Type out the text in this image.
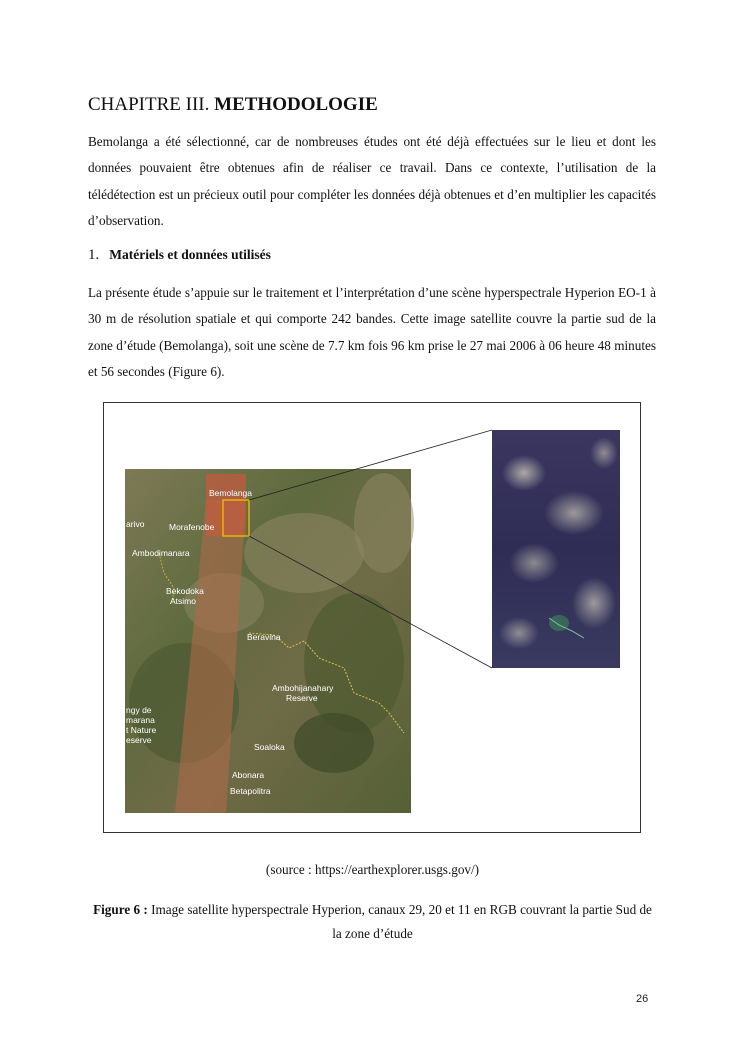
CHAPITRE III. METHODOLOGIE

Bemolanga a été sélectionné, car de nombreuses études ont été déjà effectuées sur le lieu et dont les données pouvaient être obtenues afin de réaliser ce travail. Dans ce contexte, l’utilisation de la télédétection est un précieux outil pour compléter les données déjà obtenues et d’en multiplier les capacités d’observation.

1. Matériels et données utilisés

La présente étude s’appuie sur le traitement et l’interprétation d’une scène hyperspectrale Hyperion EO-1 à 30 m de résolution spatiale et qui comporte 242 bandes. Cette image satellite couvre la partie sud de la zone d’étude (Bemolanga), soit une scène de 7.7 km fois 96 km prise le 27 mai 2006 à 06 heure 48 minutes et 56 secondes (Figure 6).

Bemolanga
Morafenobe
arivo
Ambodimanara
Bekodoka
Atsimo
Beravina
Ambohijanahary
Reserve
ngy de
marana
t Nature
eserve
Soaloka
Abonara
Betapolitra
(source : https://earthexplorer.usgs.gov/)
Figure 6 : Image satellite hyperspectrale Hyperion, canaux 29, 20 et 11 en RGB couvrant la partie Sud de la zone d’étude
26
